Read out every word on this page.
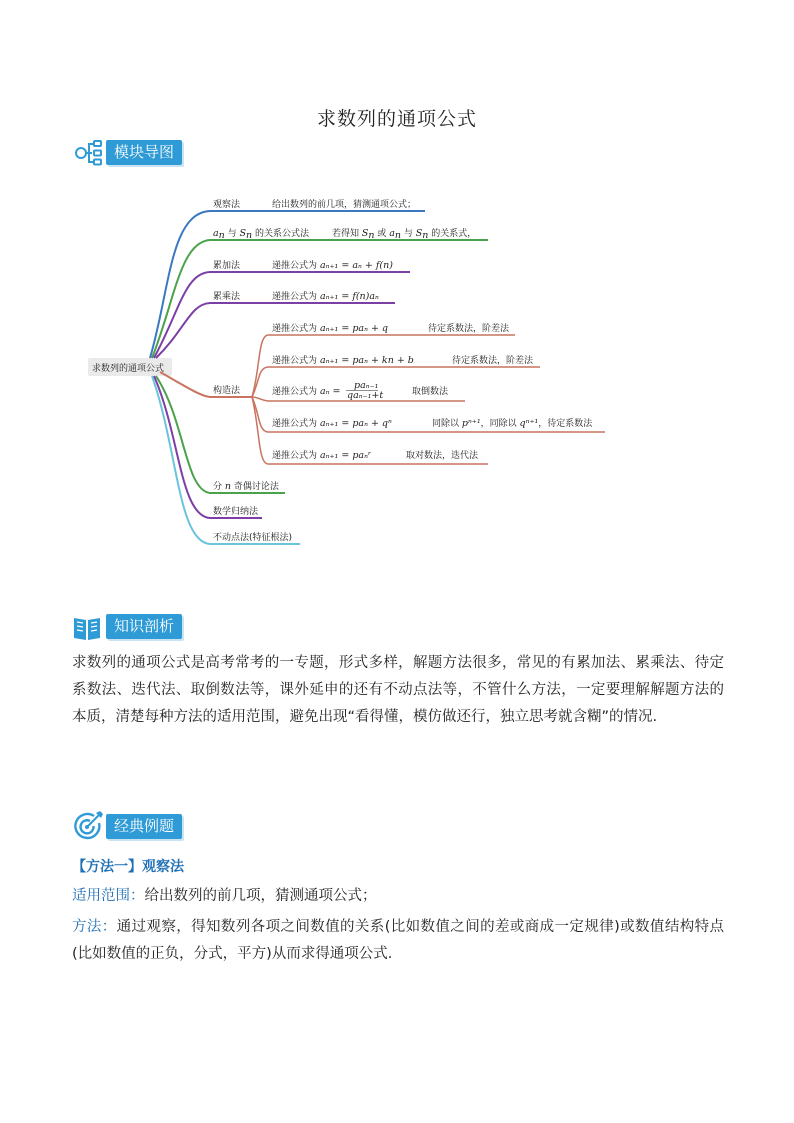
求数列的通项公式
模块导图
求数列的通项公式
观察法	给出数列的前几项，猜测通项公式；
an 与 Sn 的关系公式法	若得知 Sn 或 an 与 Sn 的关系式，
累加法	递推公式为 aₙ₊₁ = aₙ + f(n)
累乘法	递推公式为 aₙ₊₁ = f(n)aₙ
构造法
递推公式为 aₙ₊₁ = paₙ + q	待定系数法，阶差法
递推公式为 aₙ₊₁ = paₙ + kn + b	待定系数法，阶差法
递推公式为 aₙ =
paₙ₋₁
qaₙ₋₁+t	取倒数法
递推公式为 aₙ₊₁ = paₙ + qⁿ	同除以 pⁿ⁺¹，同除以 qⁿ⁺¹，待定系数法
递推公式为 aₙ₊₁ = paₙʳ	取对数法，迭代法
分 n 奇偶讨论法
数学归纳法
不动点法(特征根法)
知识剖析
求数列的通项公式是高考常考的一专题，形式多样，解题方法很多，常见的有累加法、累乘法、待定系数法、迭代法、取倒数法等，课外延申的还有不动点法等，不管什么方法，一定要理解解题方法的本质，清楚每种方法的适用范围，避免出现“看得懂，模仿做还行，独立思考就含糊”的情况.
经典例题
【方法一】观察法
适用范围：给出数列的前几项，猜测通项公式；
方法：通过观察，得知数列各项之间数值的关系(比如数值之间的差或商成一定规律)或数值结构特点(比如数值的正负，分式，平方)从而求得通项公式.
